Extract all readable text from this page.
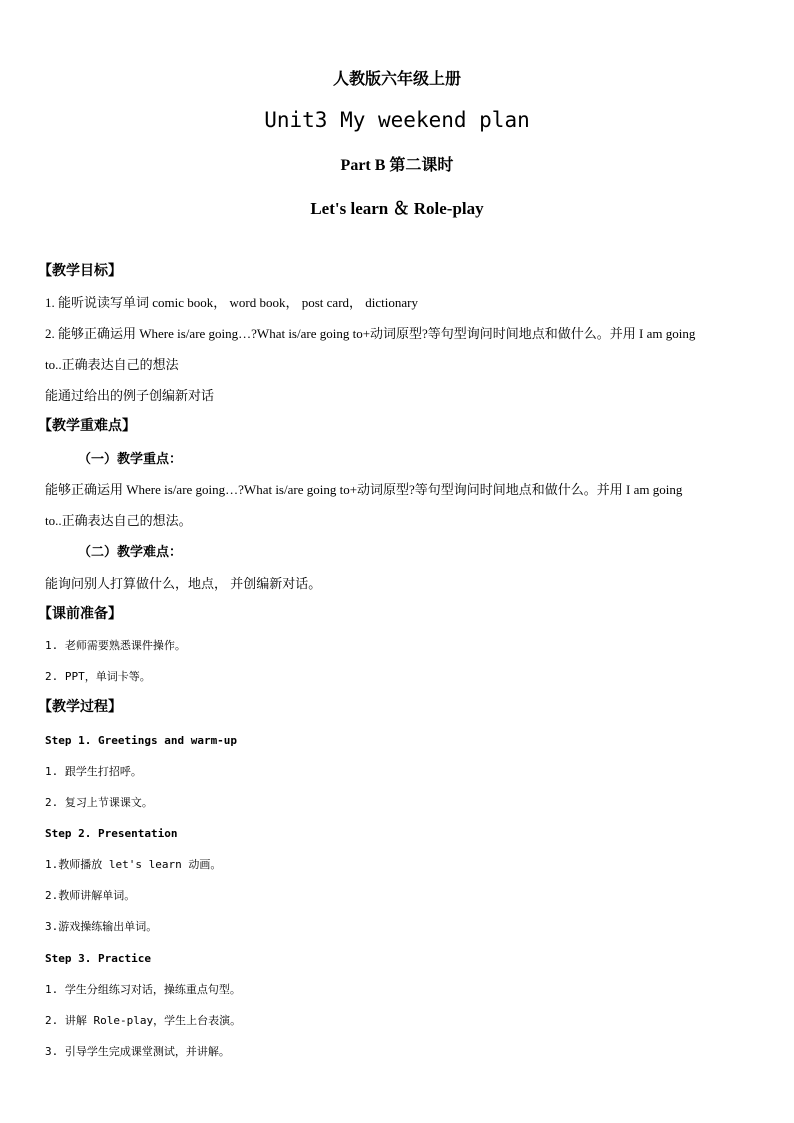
人教版六年级上册
Unit3 My weekend plan
Part B 第二课时
Let's learn ＆ Role-play
【教学目标】
1. 能听说读写单词 comic book， word book， post card， dictionary
2. 能够正确运用 Where is/are going…?What is/are going to+动词原型?等句型询问时间地点和做什么。并用 I am going
to..正确表达自己的想法
能通过给出的例子创编新对话
【教学重难点】
（一）教学重点：
能够正确运用 Where is/are going…?What is/are going to+动词原型?等句型询问时间地点和做什么。并用 I am going
to..正确表达自己的想法。
（二）教学难点：
能询问别人打算做什么，地点， 并创编新对话。
【课前准备】
1. 老师需要熟悉课件操作。
2. PPT，单词卡等。
【教学过程】
Step 1. Greetings and warm-up
1. 跟学生打招呼。
2. 复习上节课课文。
Step 2. Presentation
1.教师播放 let's learn 动画。
2.教师讲解单词。
3.游戏操练输出单词。
Step 3. Practice
1. 学生分组练习对话，操练重点句型。
2. 讲解 Role-play，学生上台表演。
3. 引导学生完成课堂测试，并讲解。
